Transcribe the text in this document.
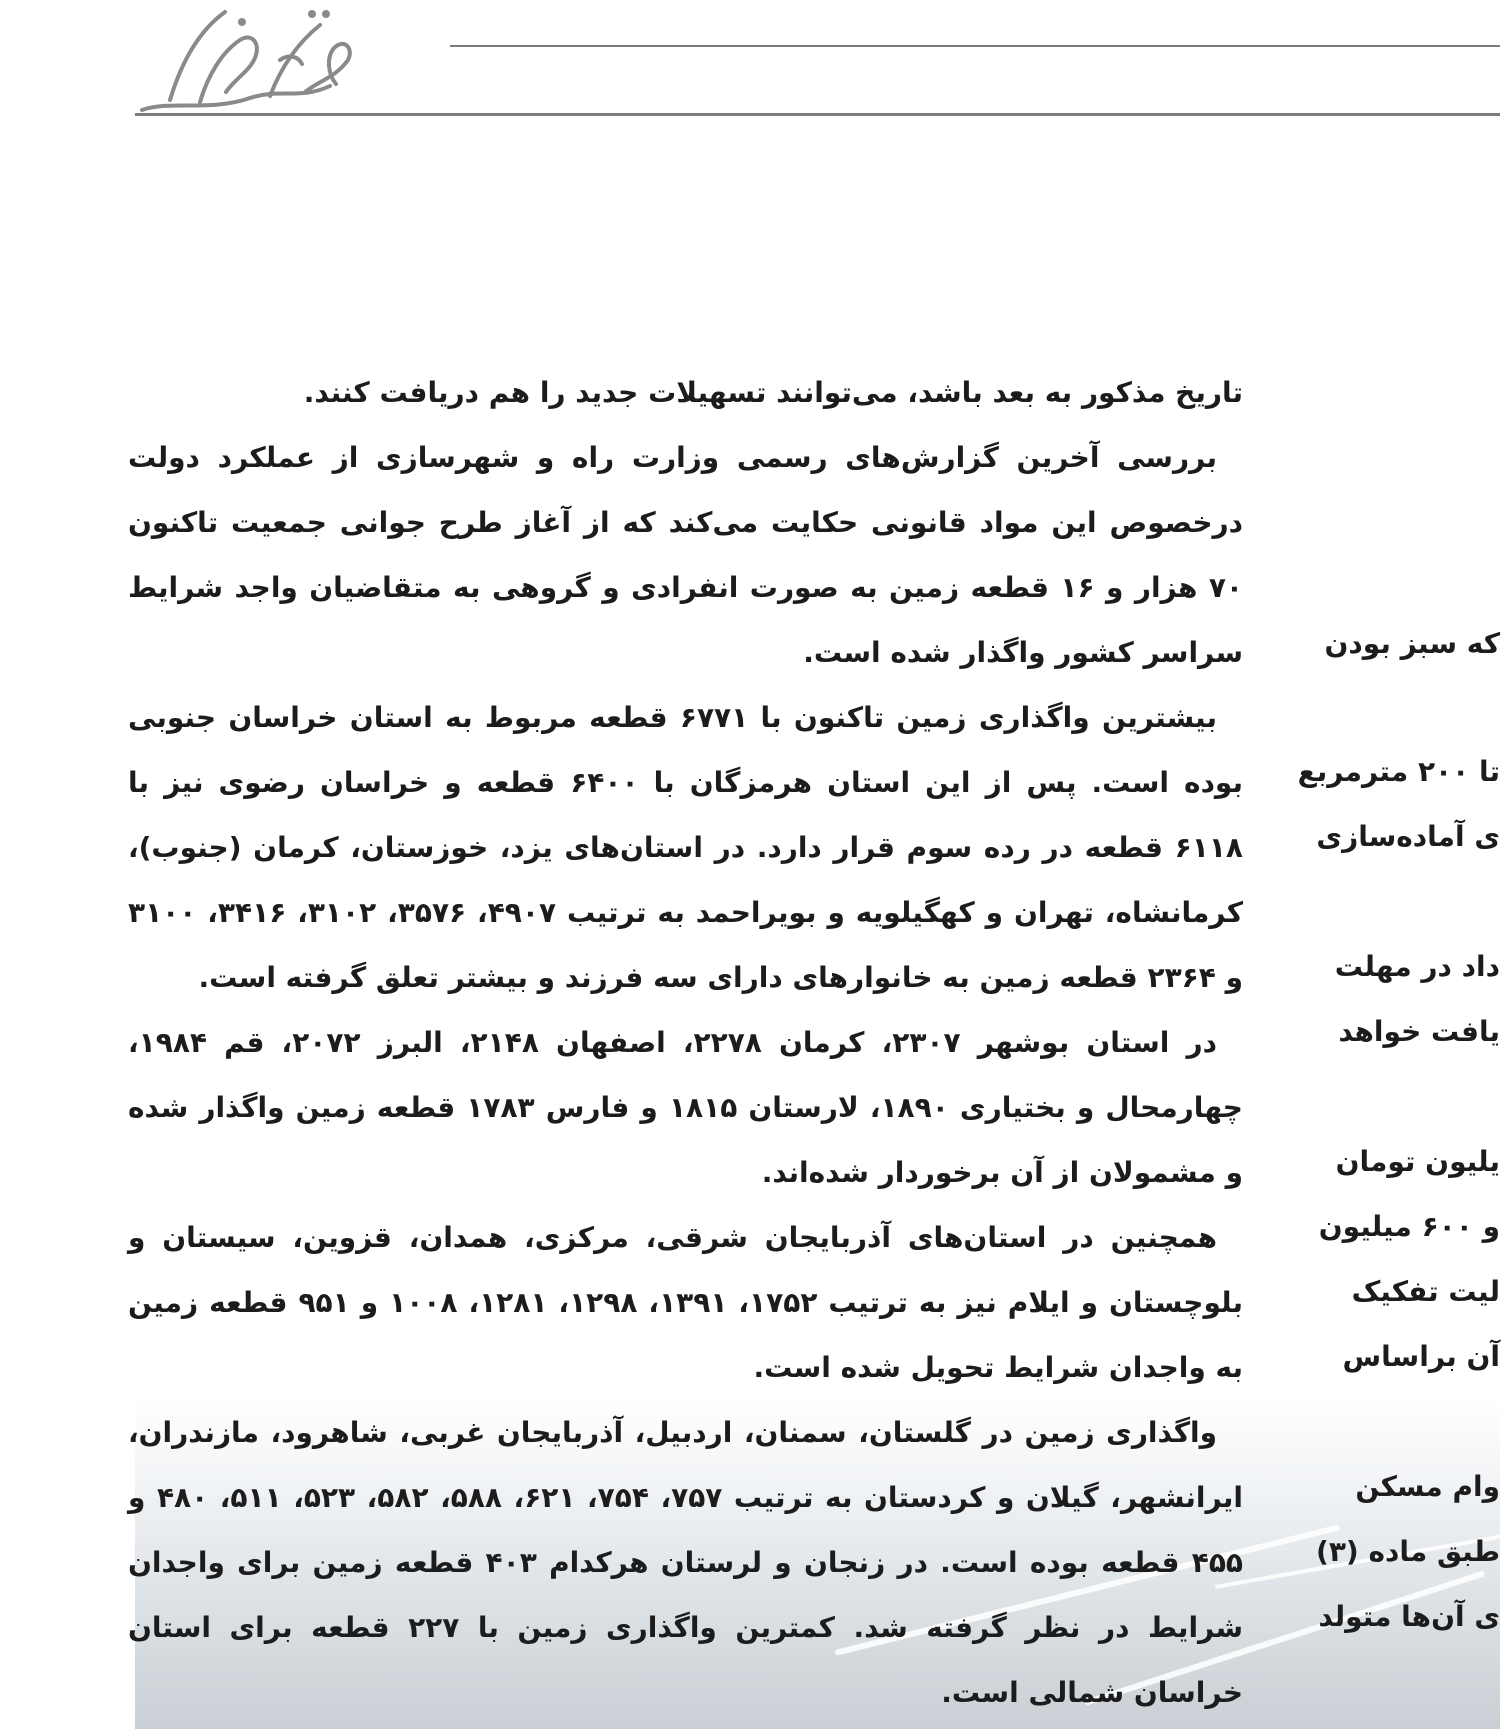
تاریخ مذکور به بعد باشد، می‌توانند تسهیلات جدید را هم دریافت کنند.

بررسی آخرین گزارش‌های رسمی وزارت راه و شهرسازی از عملکرد دولت درخصوص این مواد قانونی حکایت می‌کند که از آغاز طرح جوانی جمعیت تاکنون ۷۰ هزار و ۱۶ قطعه زمین به صورت انفرادی و گروهی به متقاضیان واجد شرایط سراسر کشور واگذار شده است.

بیشترین واگذاری زمین تاکنون با ۶۷۷۱ قطعه مربوط به استان خراسان جنوبی بوده است. پس از این استان هرمزگان با ۶۴۰۰ قطعه و خراسان رضوی نیز با ۶۱۱۸ قطعه در رده سوم قرار دارد. در استان‌های یزد، خوزستان، کرمان (جنوب)، کرمانشاه، تهران و کهگیلویه و بویراحمد به ترتیب ۴۹۰۷، ۳۵۷۶، ۳۱۰۲، ۳۴۱۶، ۳۱۰۰ و ۲۳۶۴ قطعه زمین به خانوارهای دارای سه فرزند و بیشتر تعلق گرفته است.

در استان بوشهر ۲۳۰۷، کرمان ۲۲۷۸، اصفهان ۲۱۴۸، البرز ۲۰۷۲، قم ۱۹۸۴، چهارمحال و بختیاری ۱۸۹۰، لارستان ۱۸۱۵ و فارس ۱۷۸۳ قطعه زمین واگذار شده و مشمولان از آن برخوردار شده‌اند.

همچنین در استان‌های آذربایجان شرقی، مرکزی، همدان، قزوین، سیستان و بلوچستان و ایلام نیز به ترتیب ۱۷۵۲، ۱۳۹۱، ۱۲۹۸، ۱۲۸۱، ۱۰۰۸ و ۹۵۱ قطعه زمین به واجدان شرایط تحویل شده است.

واگذاری زمین در گلستان، سمنان، اردبیل، آذربایجان غربی، شاهرود، مازندران، ایرانشهر، گیلان و کردستان به ترتیب ۷۵۷، ۷۵۴، ۶۲۱، ۵۸۸، ۵۸۲، ۵۲۳، ۵۱۱، ۴۸۰ و ۴۵۵ قطعه بوده است. در زنجان و لرستان هرکدام ۴۰۳ قطعه زمین برای واجدان شرایط در نظر گرفته شد. کمترین واگذاری زمین با ۲۲۷ قطعه برای استان خراسان شمالی است.

که سبز بودن
تا ۲۰۰ مترمربع
ی آماده‌سازی
داد در مهلت
یافت خواهد
یلیون تومان
و ۶۰۰ میلیون
لیت تفکیک
آن براساس
وام مسکن
طبق ماده (۳)
ی آن‌ها متولد
